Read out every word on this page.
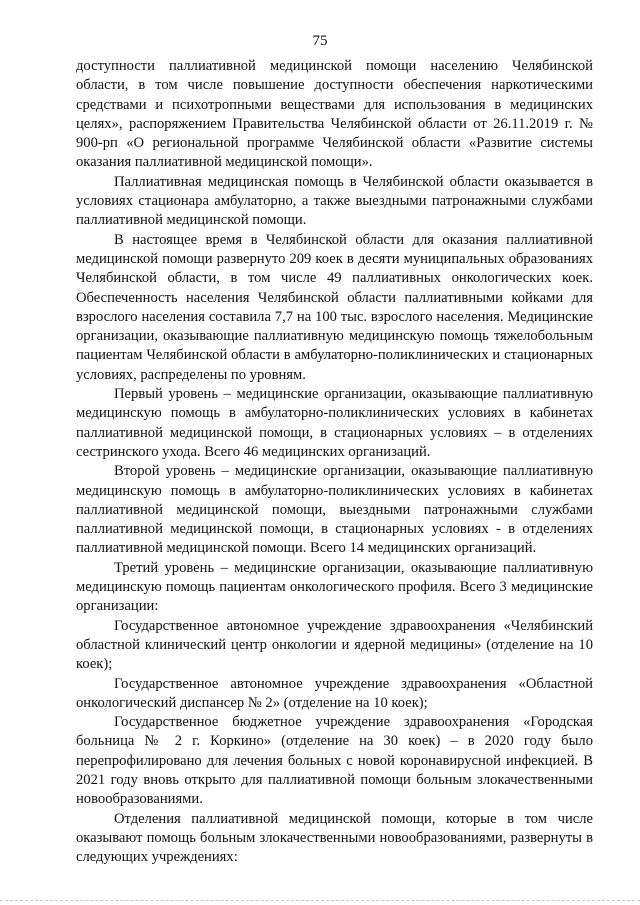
75

доступности паллиативной медицинской помощи населению Челябинской области, в том числе повышение доступности обеспечения наркотическими средствами и психотропными веществами для использования в медицинских целях», распоряжением Правительства Челябинской области от 26.11.2019 г. № 900-рп «О региональной программе Челябинской области «Развитие системы оказания паллиативной медицинской помощи».

Паллиативная медицинская помощь в Челябинской области оказывается в условиях стационара амбулаторно, а также выездными патронажными службами паллиативной медицинской помощи.

В настоящее время в Челябинской области для оказания паллиативной медицинской помощи развернуто 209 коек в десяти муниципальных образованиях Челябинской области, в том числе 49 паллиативных онкологических коек. Обеспеченность населения Челябинской области паллиативными койками для взрослого населения составила 7,7 на 100 тыс. взрослого населения. Медицинские организации, оказывающие паллиативную медицинскую помощь тяжелобольным пациентам Челябинской области в амбулаторно-поликлинических и стационарных условиях, распределены по уровням.

Первый уровень – медицинские организации, оказывающие паллиативную медицинскую помощь в амбулаторно-поликлинических условиях в кабинетах паллиативной медицинской помощи, в стационарных условиях – в отделениях сестринского ухода. Всего 46 медицинских организаций.

Второй уровень – медицинские организации, оказывающие паллиативную медицинскую помощь в амбулаторно-поликлинических условиях в кабинетах паллиативной медицинской помощи, выездными патронажными службами паллиативной медицинской помощи, в стационарных условиях - в отделениях паллиативной медицинской помощи. Всего 14 медицинских организаций.

Третий уровень – медицинские организации, оказывающие паллиативную медицинскую помощь пациентам онкологического профиля. Всего 3 медицинские организации:

Государственное автономное учреждение здравоохранения «Челябинский областной клинический центр онкологии и ядерной медицины» (отделение на 10 коек);

Государственное автономное учреждение здравоохранения «Областной онкологический диспансер № 2» (отделение на 10 коек);

Государственное бюджетное учреждение здравоохранения «Городская больница № 2 г. Коркино» (отделение на 30 коек) – в 2020 году было перепрофилировано для лечения больных с новой коронавирусной инфекцией. В 2021 году вновь открыто для паллиативной помощи больным злокачественными новообразованиями.

Отделения паллиативной медицинской помощи, которые в том числе оказывают помощь больным злокачественными новообразованиями, развернуты в следующих учреждениях:
